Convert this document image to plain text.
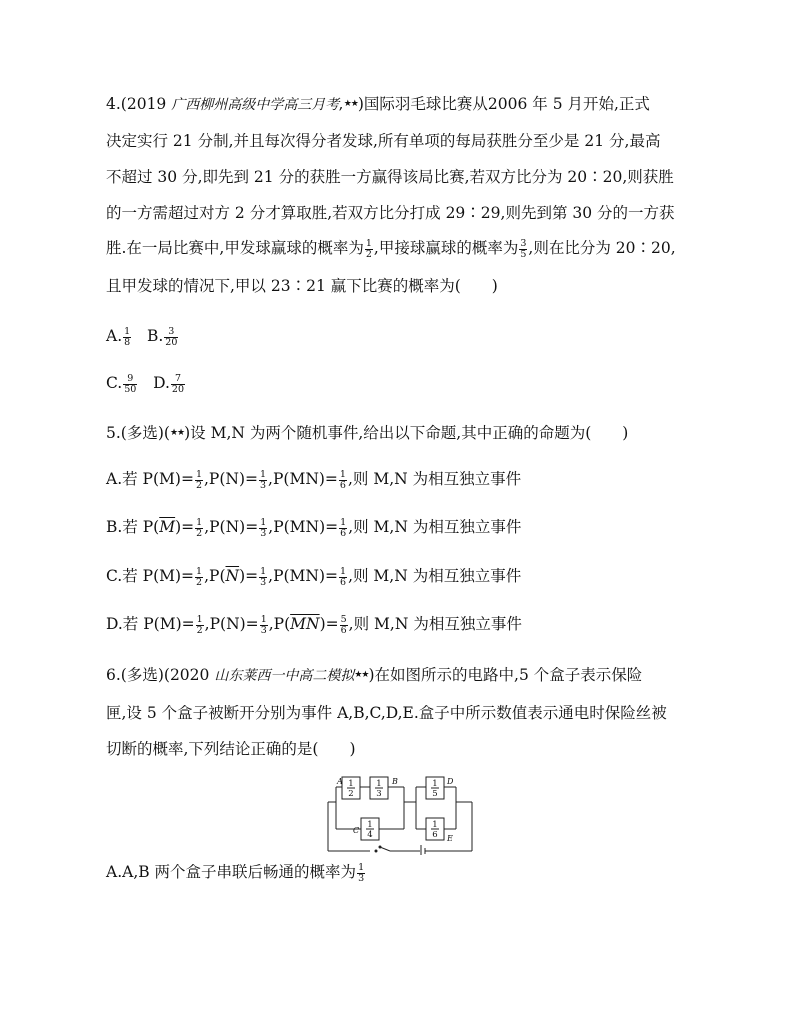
4.(2019 广西柳州高级中学高三月考,★★)国际羽毛球比赛从2006 年 5 月开始,正式
决定实行 21 分制,并且每次得分者发球,所有单项的每局获胜分至少是 21 分,最高
不超过 30 分,即先到 21 分的获胜一方赢得该局比赛,若双方比分为 20∶20,则获胜
的一方需超过对方 2 分才算取胜,若双方比分打成 29∶29,则先到第 30 分的一方获
胜.在一局比赛中,甲发球赢球的概率为 $\frac{1}{2}$ ,甲接球赢球的概率为 $\frac{3}{5}$ ,则在比分为 20∶20,
且甲发球的情况下,甲以 23∶21 赢下比赛的概率为(　　)
A. $\frac{1}{8} B$. $\frac{3}{20}$
C. $\frac{9}{50} D$. $\frac{7}{20}$
5.(多选)(★★)设 M,N 为两个随机事件,给出以下命题,其中正确的命题为(　　)
A.若 $P(M)= \frac{1}{2} ,P(N)= \frac{1}{3} ,P(MN)= \frac{1}{6}$ ,则 M,N 为相互独立事件
B.若 $P(\overline{M})= \frac{1}{2} ,P(N)= \frac{1}{3} ,P(MN)= \frac{1}{6}$ ,则 M,N 为相互独立事件
C.若 $P(M)= \frac{1}{2} ,P(\overline{N})= \frac{1}{3} ,P(MN)= \frac{1}{6}$ ,则 M,N 为相互独立事件
D.若 $P(M)= \frac{1}{2} ,P(N)= \frac{1}{3} ,P(\overline{MN})= \frac{5}{6}$ ,则 M,N 为相互独立事件
6.(多选)(2020 山东莱西一中高二模拟★★)在如图所示的电路中,5 个盒子表示保险
匣,设 5 个盒子被断开分别为事件 A,B,C,D,E.盒子中所示数值表示通电时保险丝被
切断的概率,下列结论正确的是(　　)
1
2
1
3
1
4
1
5
1
6
A	B
C
D
E
A.A,B 两个盒子串联后畅通的概率为 $\frac{1}{3}$
